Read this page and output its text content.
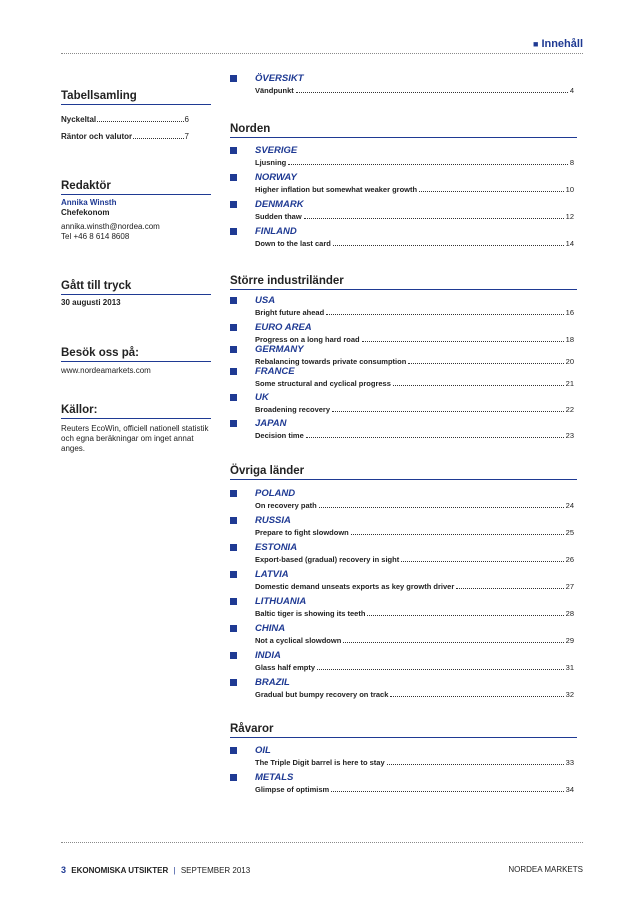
■ Innehåll
Tabellsamling
Nyckeltal	6
Räntor och valutor	7
Redaktör
Annika Winsth
Chefekonom
annika.winsth@nordea.com
Tel +46 8 614 8608
Gått till tryck
30 augusti 2013
Besök oss på:
www.nordeamarkets.com
Källor:
Reuters EcoWin, officiell nationell statistik och egna beräkningar om inget annat anges.
ÖVERSIKT
Vändpunkt	4
Norden
SVERIGE
Ljusning	8
NORWAY
Higher inflation but somewhat weaker growth	10
DENMARK
Sudden thaw	12
FINLAND
Down to the last card	14
Större industriländer
USA
Bright future ahead	16
EURO AREA
Progress on a long hard road	18
GERMANY
Rebalancing towards private consumption	20
FRANCE
Some structural and cyclical progress	21
UK
Broadening recovery	22
JAPAN
Decision time	23
Övriga länder
POLAND
On recovery path	24
RUSSIA
Prepare to fight slowdown	25
ESTONIA
Export-based (gradual) recovery in sight	26
LATVIA
Domestic demand unseats exports as key growth driver	27
LITHUANIA
Baltic tiger is showing its teeth	28
CHINA
Not a cyclical slowdown	29
INDIA
Glass half empty	31
BRAZIL
Gradual but bumpy recovery on track	32
Råvaror
OIL
The Triple Digit barrel is here to stay	33
METALS
Glimpse of optimism	34
3 EKONOMISKA UTSIKTER | SEPTEMBER 2013	NORDEA MARKETS
